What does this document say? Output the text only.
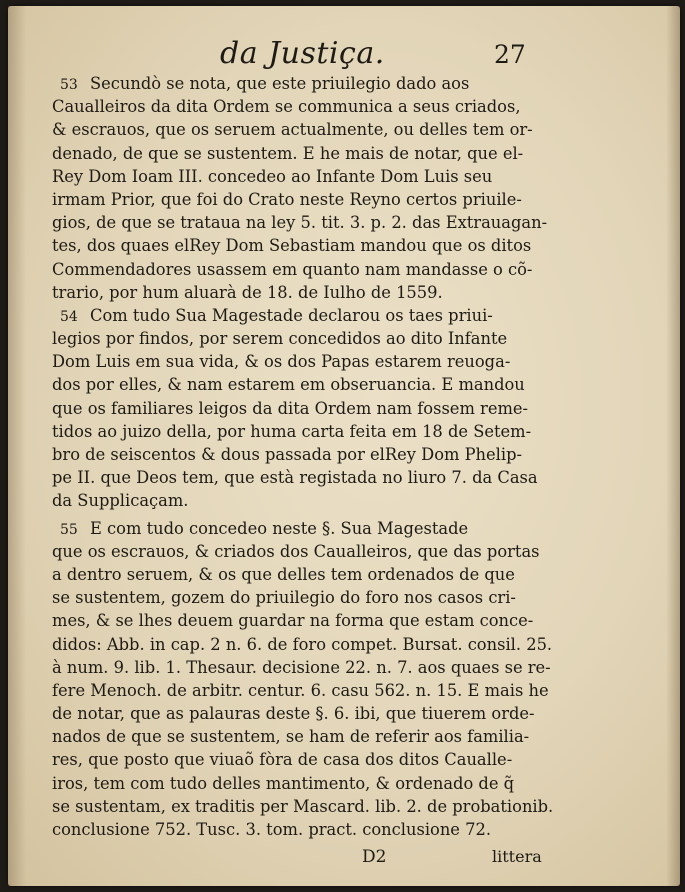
da Justiça.	27
53 Secundò se nota, que este priuilegio dado aos
Caualleiros da dita Ordem se communica a seus criados,
& escrauos, que os seruem actualmente, ou delles tem or-
denado, de que se sustentem. E he mais de notar, que el-
Rey Dom Ioam III. concedeo ao Infante Dom Luis seu
irmam Prior, que foi do Crato neste Reyno certos priuile-
gios, de que se trataua na ley 5. tit. 3. p. 2. das Extrauagan-
tes, dos quaes elRey Dom Sebastiam mandou que os ditos
Commendadores usassem em quanto nam mandasse o cõ-
trario, por hum aluarà de 18. de Iulho de 1559.
54 Com tudo Sua Magestade declarou os taes priui-
legios por findos, por serem concedidos ao dito Infante
Dom Luis em sua vida, & os dos Papas estarem reuoga-
dos por elles, & nam estarem em obseruancia. E mandou
que os familiares leigos da dita Ordem nam fossem reme-
tidos ao juizo della, por huma carta feita em 18 de Setem-
bro de seiscentos & dous passada por elRey Dom Phelip-
pe II. que Deos tem, que està registada no liuro 7. da Casa
da Supplicaçam.
55 E com tudo concedeo neste §. Sua Magestade
que os escrauos, & criados dos Caualleiros, que das portas
a dentro seruem, & os que delles tem ordenados de que
se sustentem, gozem do priuilegio do foro nos casos cri-
mes, & se lhes deuem guardar na forma que estam conce-
didos: Abb. in cap. 2 n. 6. de foro compet. Bursat. consil. 25.
à num. 9. lib. 1. Thesaur. decisione 22. n. 7. aos quaes se re-
fere Menoch. de arbitr. centur. 6. casu 562. n. 15. E mais he
de notar, que as palauras deste §. 6. ibi, que tiuerem orde-
nados de que se sustentem, se ham de referir aos familia-
res, que posto que viuaõ fòra de casa dos ditos Caualle-
iros, tem com tudo delles mantimento, & ordenado de q̃
se sustentam, ex traditis per Mascard. lib. 2. de probationib.
conclusione 752. Tusc. 3. tom. pract. conclusione 72.
D2	littera
